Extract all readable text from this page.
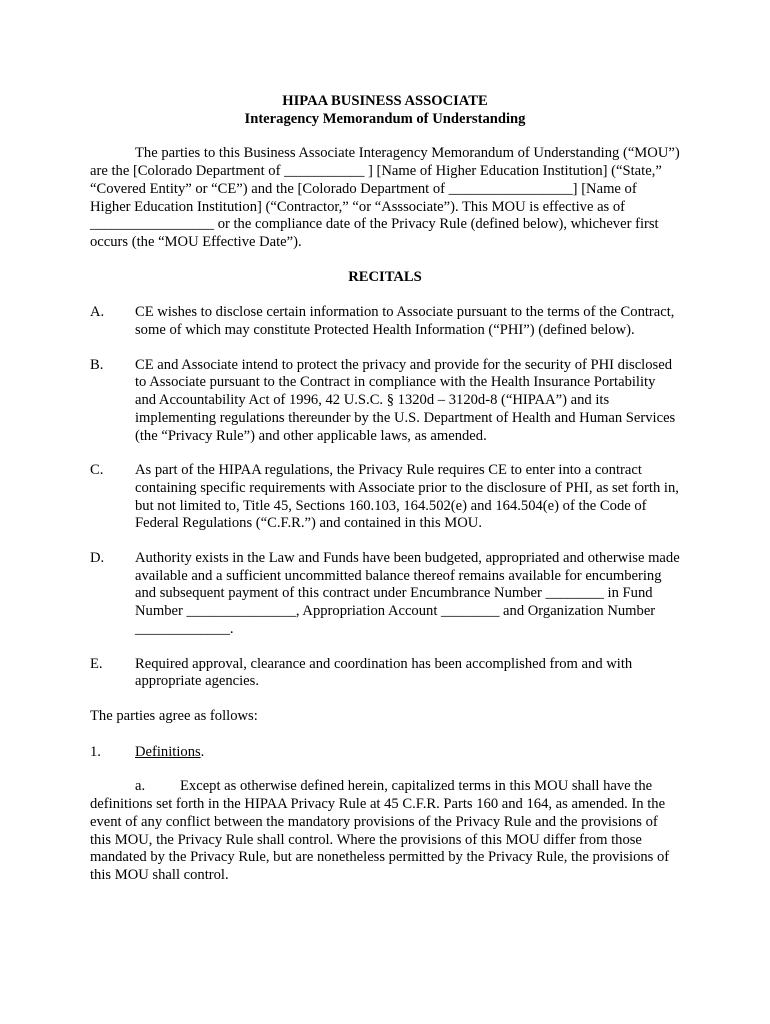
HIPAA BUSINESS ASSOCIATE

Interagency Memorandum of Understanding

The parties to this Business Associate Interagency Memorandum of Understanding (“MOU”) are the [Colorado Department of ___________ ] [Name of Higher Education Institution] (“State,” “Covered Entity” or “CE”) and the [Colorado Department of _________________] [Name of Higher Education Institution] (“Contractor,” “or “Asssociate”). This MOU is effective as of _________________ or the compliance date of the Privacy Rule (defined below), whichever first occurs (the “MOU Effective Date”).

RECITALS

A.	CE wishes to disclose certain information to Associate pursuant to the terms of the Contract, some of which may constitute Protected Health Information (“PHI”) (defined below).
B.	CE and Associate intend to protect the privacy and provide for the security of PHI disclosed to Associate pursuant to the Contract in compliance with the Health Insurance Portability and Accountability Act of 1996, 42 U.S.C. § 1320d – 3120d-8 (“HIPAA”) and its implementing regulations thereunder by the U.S. Department of Health and Human Services (the “Privacy Rule”) and other applicable laws, as amended.
C.	As part of the HIPAA regulations, the Privacy Rule requires CE to enter into a contract containing specific requirements with Associate prior to the disclosure of PHI, as set forth in, but not limited to, Title 45, Sections 160.103, 164.502(e) and 164.504(e) of the Code of Federal Regulations (“C.F.R.”) and contained in this MOU.
D.	Authority exists in the Law and Funds have been budgeted, appropriated and otherwise made available and a sufficient uncommitted balance thereof remains available for encumbering and subsequent payment of this contract under Encumbrance Number ________ in Fund Number _______________, Appropriation Account ________ and Organization Number _____________.
E.	Required approval, clearance and coordination has been accomplished from and with appropriate agencies.

The parties agree as follows:

1.	Definitions.

a. Except as otherwise defined herein, capitalized terms in this MOU shall have the definitions set forth in the HIPAA Privacy Rule at 45 C.F.R. Parts 160 and 164, as amended. In the event of any conflict between the mandatory provisions of the Privacy Rule and the provisions of this MOU, the Privacy Rule shall control. Where the provisions of this MOU differ from those mandated by the Privacy Rule, but are nonetheless permitted by the Privacy Rule, the provisions of this MOU shall control.
